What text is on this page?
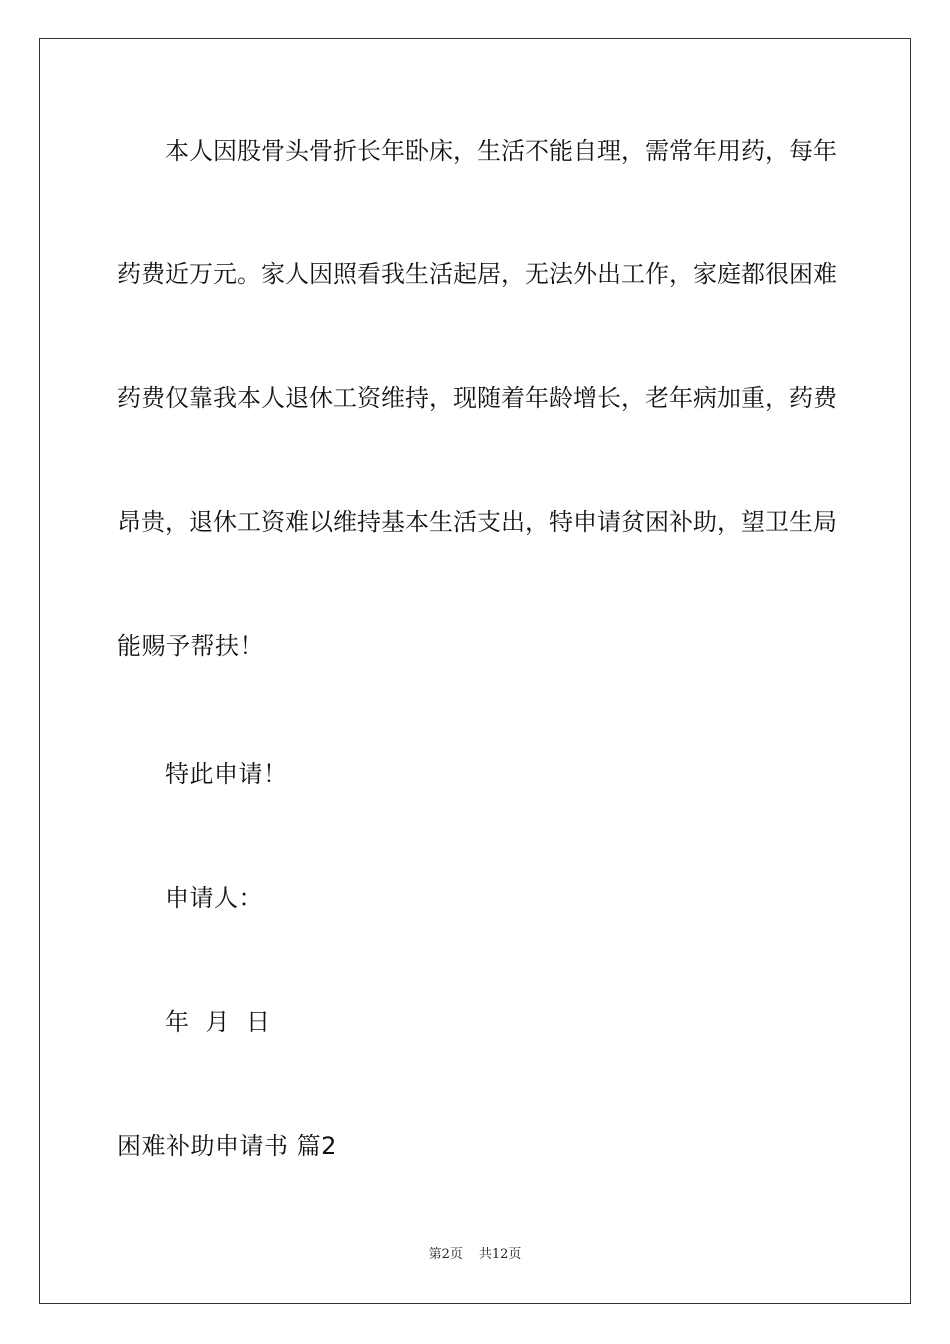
本人因股骨头骨折长年卧床，生活不能自理，需常年用药，每年
药费近万元。家人因照看我生活起居，无法外出工作，家庭都很困难
药费仅靠我本人退休工资维持，现随着年龄增长，老年病加重，药费
昂贵，退休工资难以维持基本生活支出，特申请贫困补助，望卫生局
能赐予帮扶！
特此申请！
申请人：
年 月 日
困难补助申请书 篇2
第2页 共12页
